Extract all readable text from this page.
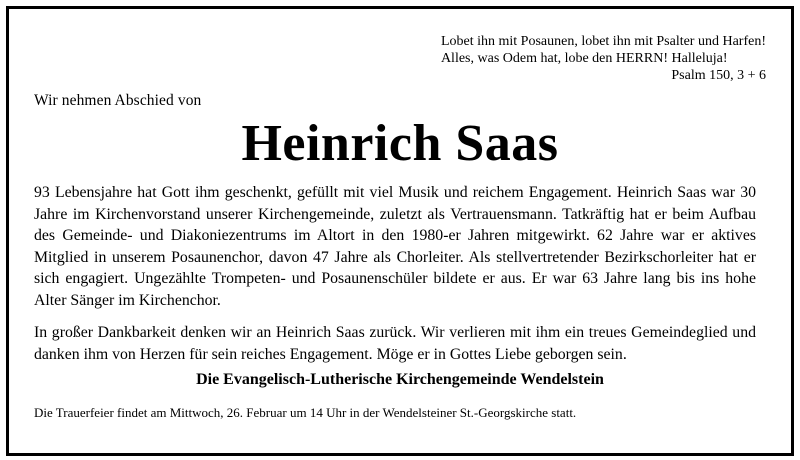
Lobet ihn mit Posaunen, lobet ihn mit Psalter und Harfen!
Alles, was Odem hat, lobe den HERRN! Halleluja!
Psalm 150, 3 + 6
Wir nehmen Abschied von
Heinrich Saas

93 Lebensjahre hat Gott ihm geschenkt, gefüllt mit viel Musik und reichem Engagement. Heinrich Saas war 30 Jahre im Kirchenvorstand unserer Kirchengemeinde, zuletzt als Vertrauensmann. Tatkräftig hat er beim Aufbau des Gemeinde- und Diakoniezentrums im Altort in den 1980-er Jahren mitgewirkt. 62 Jahre war er aktives Mitglied in unserem Posaunenchor, davon 47 Jahre als Chorleiter. Als stellvertretender Bezirkschorleiter hat er sich engagiert. Ungezählte Trompeten- und Posaunenschüler bildete er aus. Er war 63 Jahre lang bis ins hohe Alter Sänger im Kirchenchor.

In großer Dankbarkeit denken wir an Heinrich Saas zurück. Wir verlieren mit ihm ein treues Gemeindeglied und danken ihm von Herzen für sein reiches Engagement. Möge er in Gottes Liebe geborgen sein.

Die Evangelisch-Lutherische Kirchengemeinde Wendelstein
Die Trauerfeier findet am Mittwoch, 26. Februar um 14 Uhr in der Wendelsteiner St.-Georgskirche statt.
